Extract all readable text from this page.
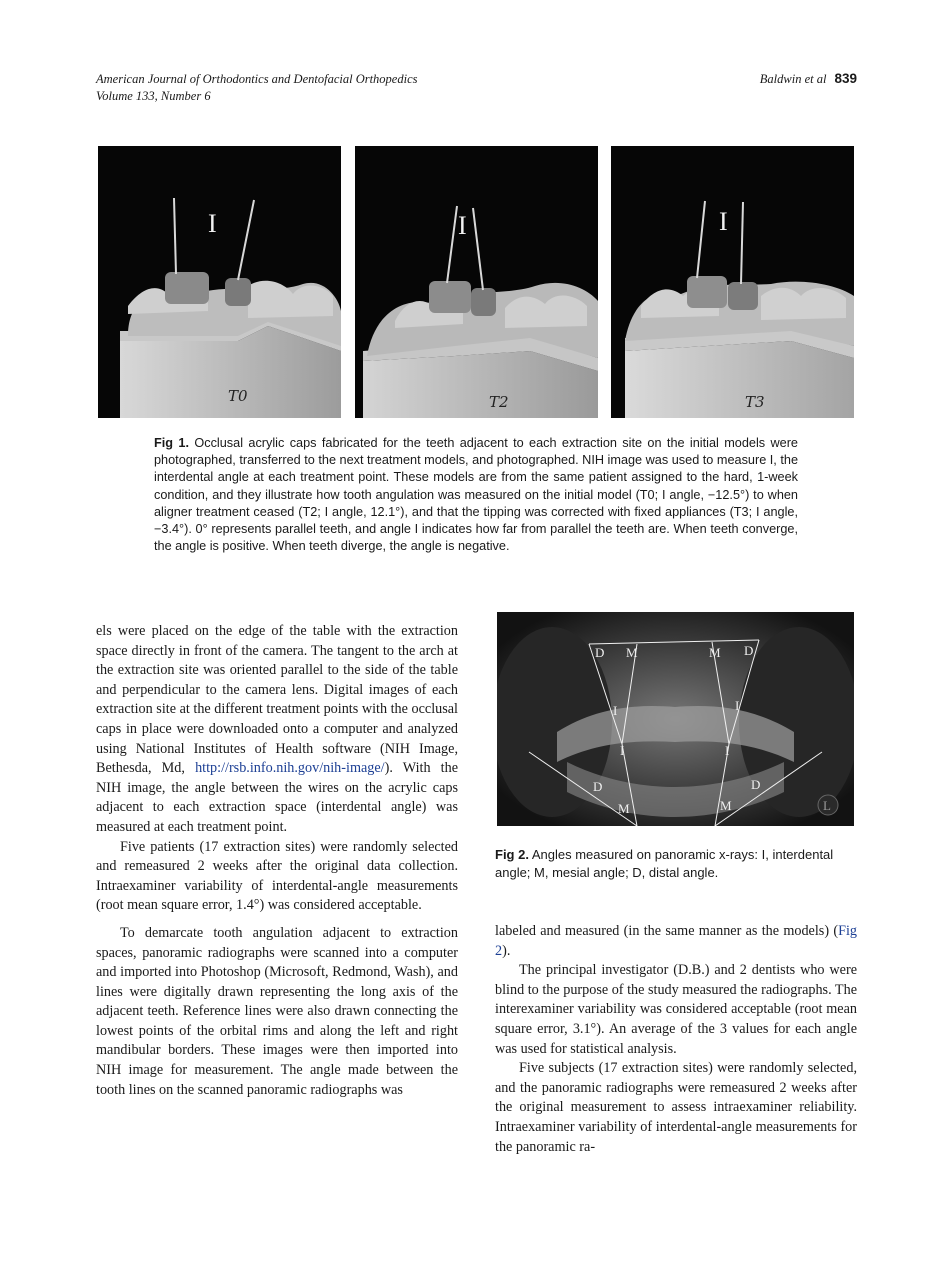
American Journal of Orthodontics and Dentofacial Orthopedics
Volume 133, Number 6
Baldwin et al 839
I
T0
I
T2
I
T3
Fig 1. Occlusal acrylic caps fabricated for the teeth adjacent to each extraction site on the initial models were photographed, transferred to the next treatment models, and photographed. NIH image was used to measure I, the interdental angle at each treatment point. These models are from the same patient assigned to the hard, 1-week condition, and they illustrate how tooth angulation was measured on the initial model (T0; I angle, −12.5°) to when aligner treatment ceased (T2; I angle, 12.1°), and that the tipping was corrected with fixed appliances (T3; I angle, −3.4°). 0° represents parallel teeth, and angle I indicates how far from parallel the teeth are. When teeth converge, the angle is positive. When teeth diverge, the angle is negative.

els were placed on the edge of the table with the extraction space directly in front of the camera. The tangent to the arch at the extraction site was oriented parallel to the side of the table and perpendicular to the camera lens. Digital images of each extraction site at the different treatment points with the occlusal caps in place were downloaded onto a computer and analyzed using National Institutes of Health software (NIH Image, Bethesda, Md, http://rsb.info.nih.gov/nih-image/). With the NIH image, the angle between the wires on the acrylic caps adjacent to each extraction space (interdental angle) was measured at each treatment point.

Five patients (17 extraction sites) were randomly selected and remeasured 2 weeks after the original data collection. Intraexaminer variability of interdental-angle measurements (root mean square error, 1.4°) was considered acceptable.

To demarcate tooth angulation adjacent to extraction spaces, panoramic radiographs were scanned into a computer and imported into Photoshop (Microsoft, Redmond, Wash), and lines were digitally drawn representing the long axis of the adjacent teeth. Reference lines were also drawn connecting the lowest points of the orbital rims and along the left and right mandibular borders. These images were then imported into NIH image for measurement. The angle made between the tooth lines on the scanned panoramic radiographs was

D M	M D
I	I
I	I
D
M
D
M	L
Fig 2. Angles measured on panoramic x-rays: I, interdental angle; M, mesial angle; D, distal angle.

labeled and measured (in the same manner as the models) (Fig 2).

The principal investigator (D.B.) and 2 dentists who were blind to the purpose of the study measured the radiographs. The interexaminer variability was considered acceptable (root mean square error, 3.1°). An average of the 3 values for each angle was used for statistical analysis.

Five subjects (17 extraction sites) were randomly selected, and the panoramic radiographs were remeasured 2 weeks after the original measurement to assess intraexaminer reliability. Intraexaminer variability of interdental-angle measurements for the panoramic ra-
